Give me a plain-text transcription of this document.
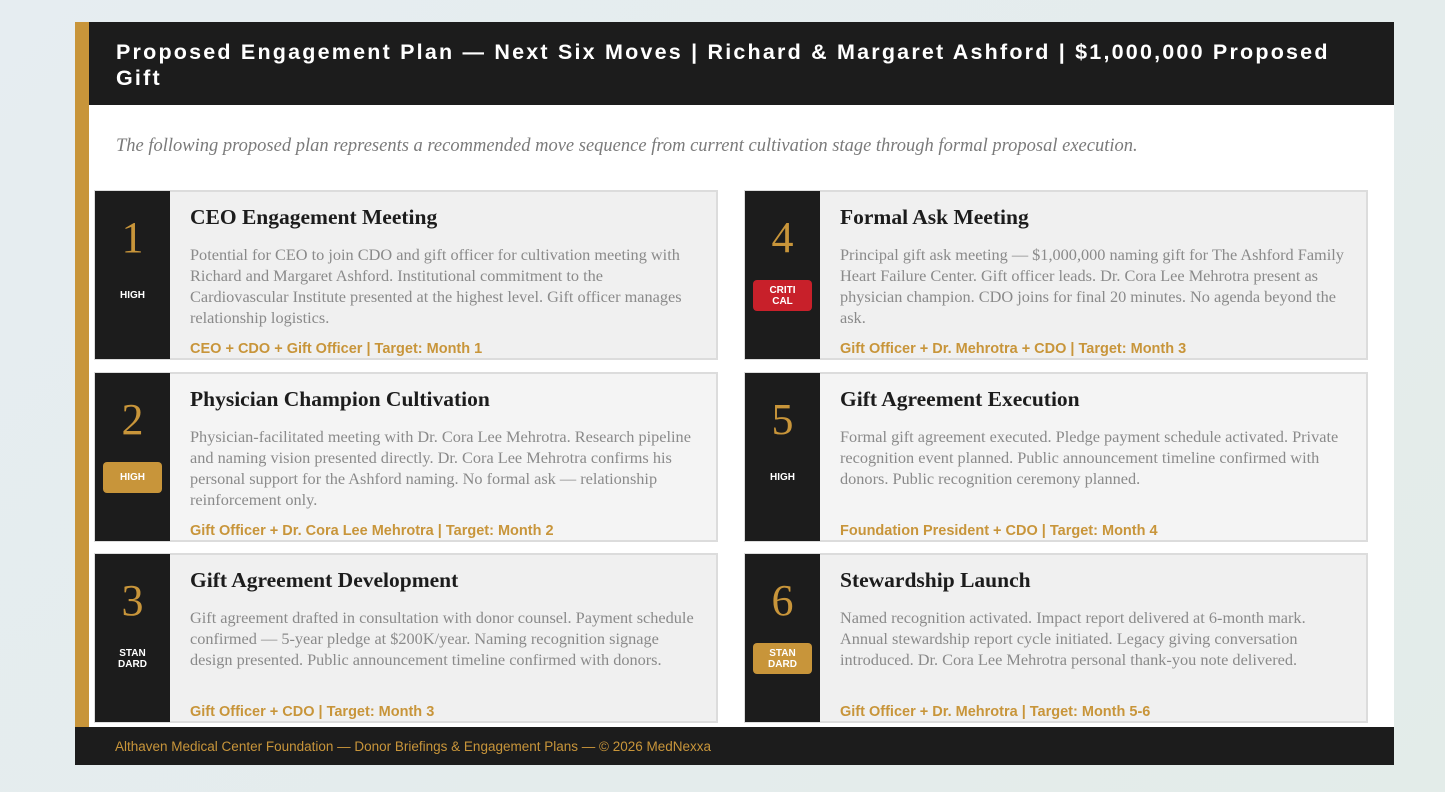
Proposed Engagement Plan — Next Six Moves | Richard & Margaret Ashford | $1,000,000 Proposed Gift

The following proposed plan represents a recommended move sequence from current cultivation stage through formal proposal execution.

1
HIGH
CEO Engagement Meeting
Potential for CEO to join CDO and gift officer for cultivation meeting with Richard and Margaret Ashford. Institutional commitment to the Cardiovascular Institute presented at the highest level. Gift officer manages relationship logistics.
CEO + CDO + Gift Officer | Target: Month 1
2
HIGH
Physician Champion Cultivation
Physician-facilitated meeting with Dr. Cora Lee Mehrotra. Research pipeline and naming vision presented directly. Dr. Cora Lee Mehrotra confirms his personal support for the Ashford naming. No formal ask — relationship reinforcement only.
Gift Officer + Dr. Cora Lee Mehrotra | Target: Month 2
3
STAN DARD
Gift Agreement Development
Gift agreement drafted in consultation with donor counsel. Payment schedule confirmed — 5-year pledge at $200K/year. Naming recognition signage design presented. Public announcement timeline confirmed with donors.
Gift Officer + CDO | Target: Month 3
4
CRITI CAL
Formal Ask Meeting
Principal gift ask meeting — $1,000,000 naming gift for The Ashford Family Heart Failure Center. Gift officer leads. Dr. Cora Lee Mehrotra present as physician champion. CDO joins for final 20 minutes. No agenda beyond the ask.
Gift Officer + Dr. Mehrotra + CDO | Target: Month 3
5
HIGH
Gift Agreement Execution
Formal gift agreement executed. Pledge payment schedule activated. Private recognition event planned. Public announcement timeline confirmed with donors. Public recognition ceremony planned.
Foundation President + CDO | Target: Month 4
6
STAN DARD
Stewardship Launch
Named recognition activated. Impact report delivered at 6-month mark. Annual stewardship report cycle initiated. Legacy giving conversation introduced. Dr. Cora Lee Mehrotra personal thank-you note delivered.
Gift Officer + Dr. Mehrotra | Target: Month 5-6
Althaven Medical Center Foundation — Donor Briefings & Engagement Plans — © 2026 MedNexxa
